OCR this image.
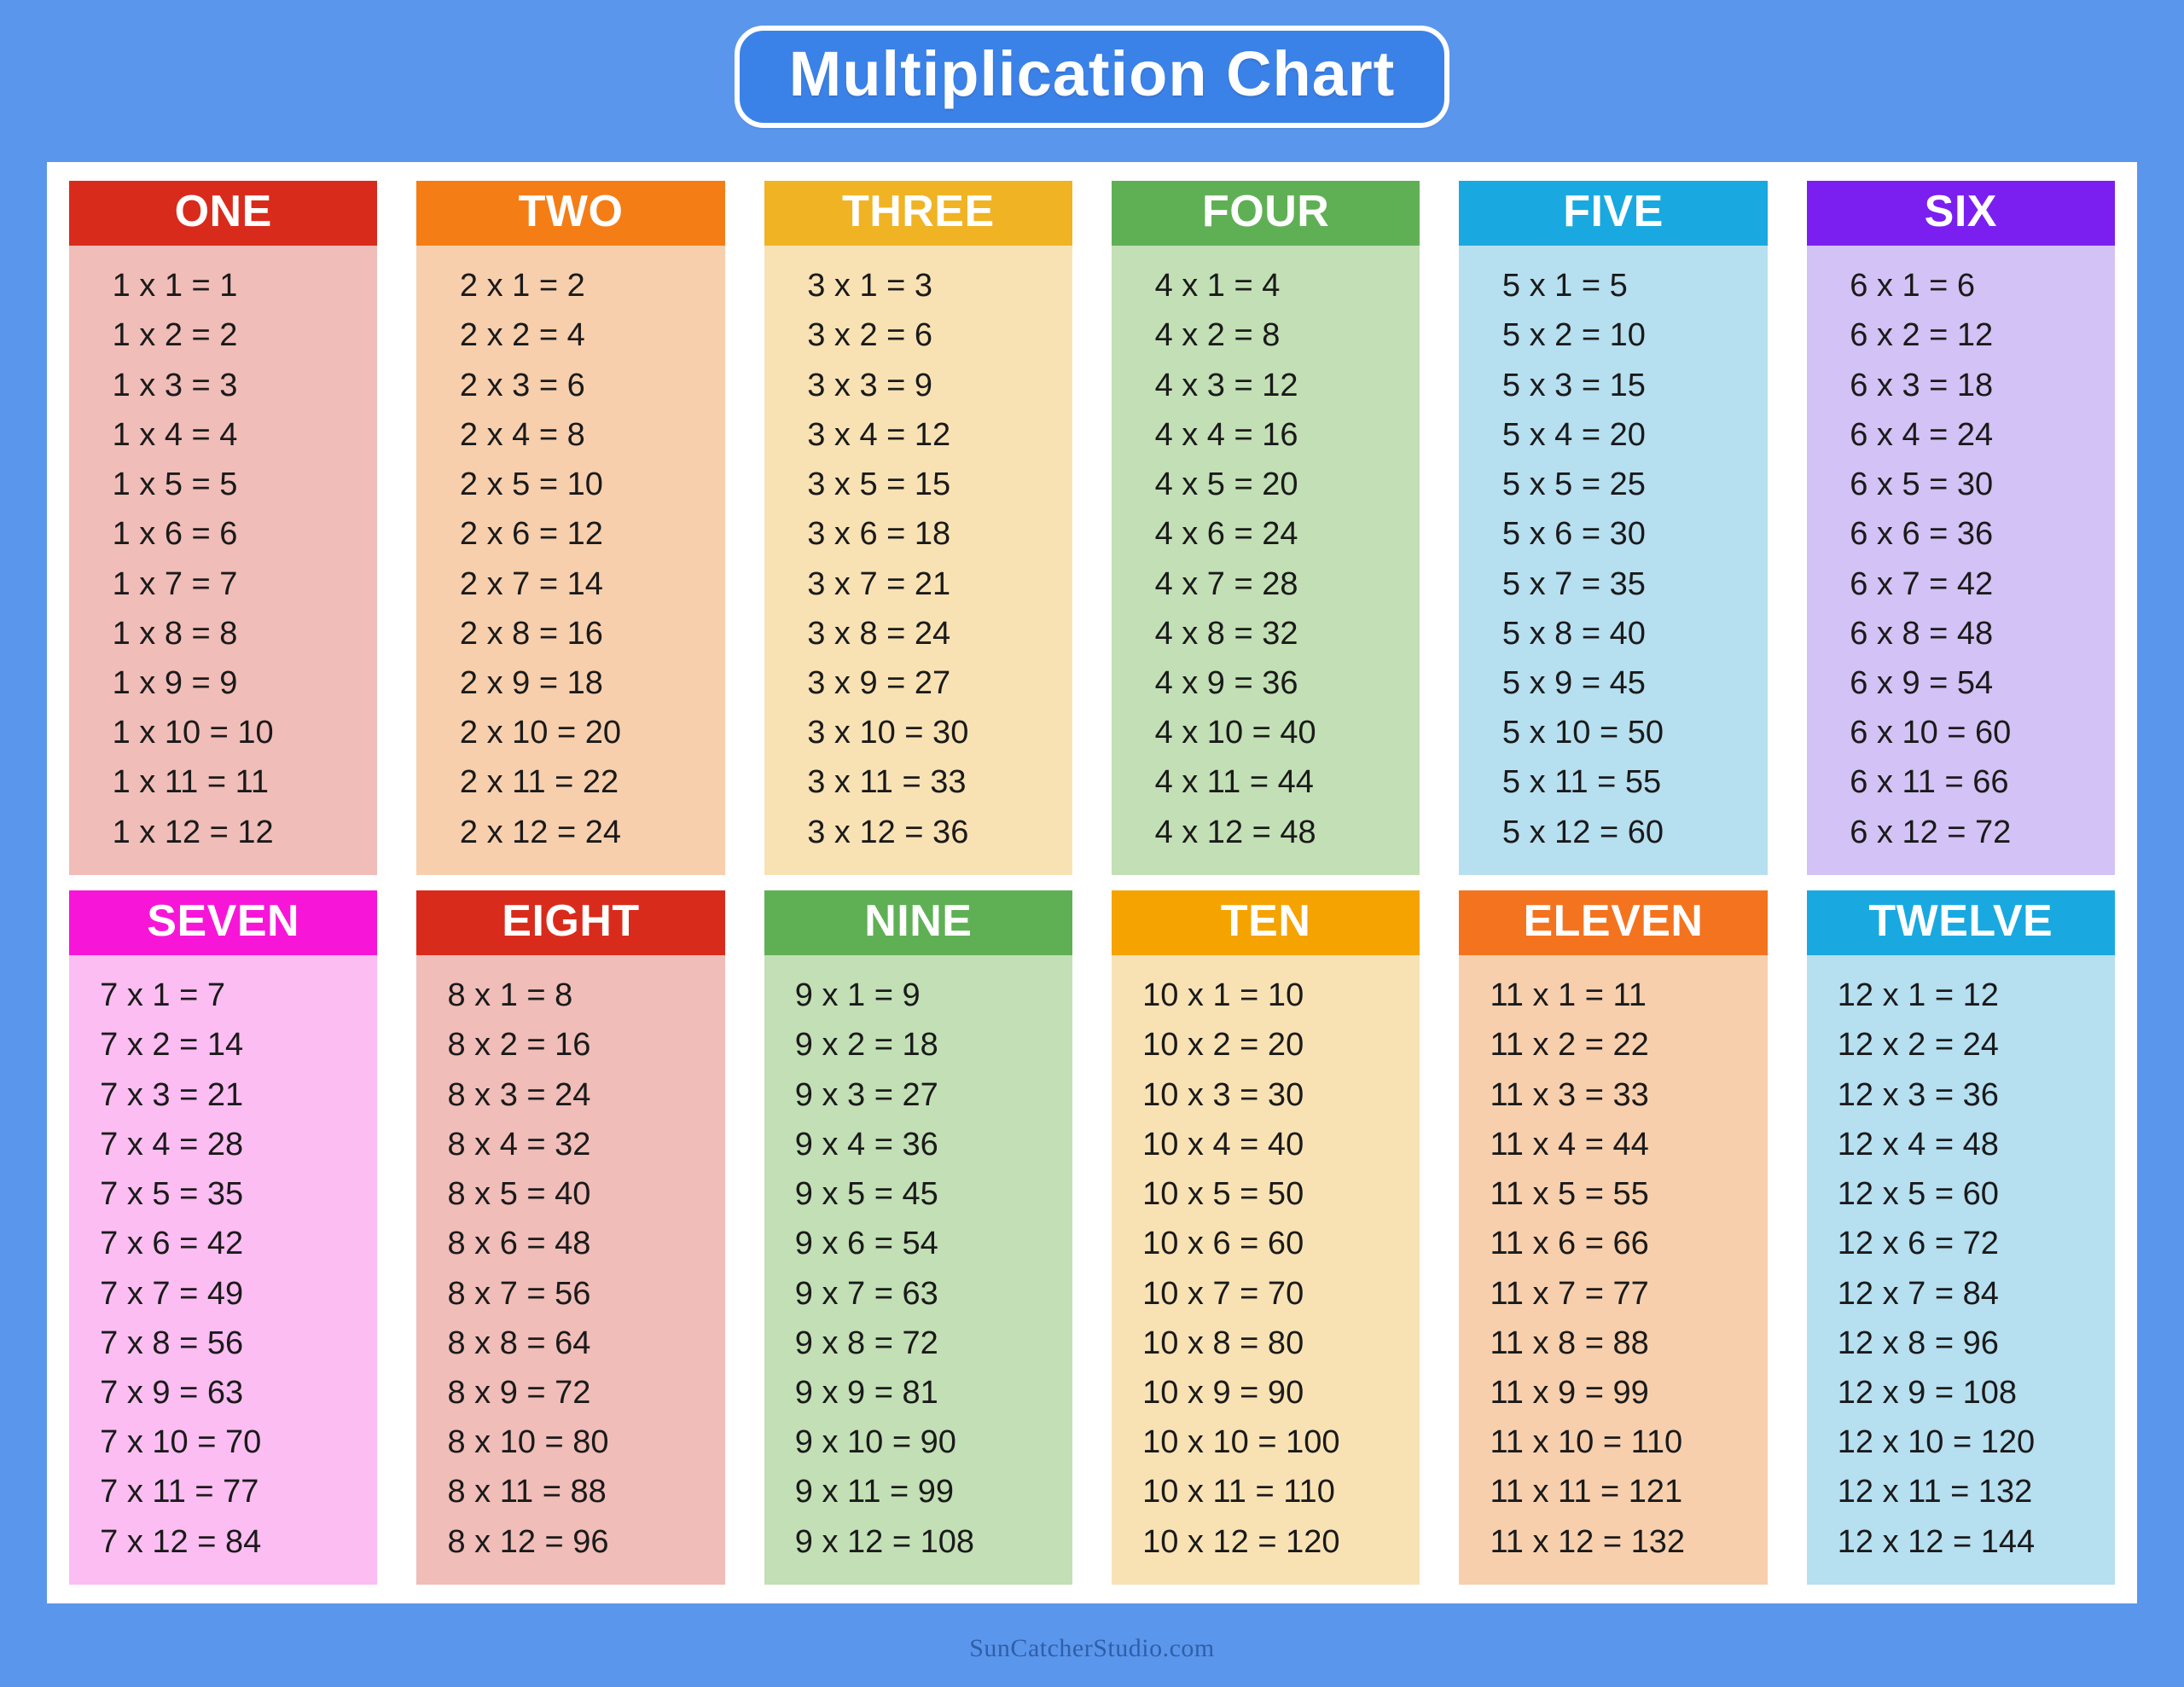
Multiplication Chart
ONE
1 x 1 = 1
1 x 2 = 2
1 x 3 = 3
1 x 4 = 4
1 x 5 = 5
1 x 6 = 6
1 x 7 = 7
1 x 8 = 8
1 x 9 = 9
1 x 10 = 10
1 x 11 = 11
1 x 12 = 12
TWO
2 x 1 = 2
2 x 2 = 4
2 x 3 = 6
2 x 4 = 8
2 x 5 = 10
2 x 6 = 12
2 x 7 = 14
2 x 8 = 16
2 x 9 = 18
2 x 10 = 20
2 x 11 = 22
2 x 12 = 24
THREE
3 x 1 = 3
3 x 2 = 6
3 x 3 = 9
3 x 4 = 12
3 x 5 = 15
3 x 6 = 18
3 x 7 = 21
3 x 8 = 24
3 x 9 = 27
3 x 10 = 30
3 x 11 = 33
3 x 12 = 36
FOUR
4 x 1 = 4
4 x 2 = 8
4 x 3 = 12
4 x 4 = 16
4 x 5 = 20
4 x 6 = 24
4 x 7 = 28
4 x 8 = 32
4 x 9 = 36
4 x 10 = 40
4 x 11 = 44
4 x 12 = 48
FIVE
5 x 1 = 5
5 x 2 = 10
5 x 3 = 15
5 x 4 = 20
5 x 5 = 25
5 x 6 = 30
5 x 7 = 35
5 x 8 = 40
5 x 9 = 45
5 x 10 = 50
5 x 11 = 55
5 x 12 = 60
SIX
6 x 1 = 6
6 x 2 = 12
6 x 3 = 18
6 x 4 = 24
6 x 5 = 30
6 x 6 = 36
6 x 7 = 42
6 x 8 = 48
6 x 9 = 54
6 x 10 = 60
6 x 11 = 66
6 x 12 = 72
SEVEN
7 x 1 = 7
7 x 2 = 14
7 x 3 = 21
7 x 4 = 28
7 x 5 = 35
7 x 6 = 42
7 x 7 = 49
7 x 8 = 56
7 x 9 = 63
7 x 10 = 70
7 x 11 = 77
7 x 12 = 84
EIGHT
8 x 1 = 8
8 x 2 = 16
8 x 3 = 24
8 x 4 = 32
8 x 5 = 40
8 x 6 = 48
8 x 7 = 56
8 x 8 = 64
8 x 9 = 72
8 x 10 = 80
8 x 11 = 88
8 x 12 = 96
NINE
9 x 1 = 9
9 x 2 = 18
9 x 3 = 27
9 x 4 = 36
9 x 5 = 45
9 x 6 = 54
9 x 7 = 63
9 x 8 = 72
9 x 9 = 81
9 x 10 = 90
9 x 11 = 99
9 x 12 = 108
TEN
10 x 1 = 10
10 x 2 = 20
10 x 3 = 30
10 x 4 = 40
10 x 5 = 50
10 x 6 = 60
10 x 7 = 70
10 x 8 = 80
10 x 9 = 90
10 x 10 = 100
10 x 11 = 110
10 x 12 = 120
ELEVEN
11 x 1 = 11
11 x 2 = 22
11 x 3 = 33
11 x 4 = 44
11 x 5 = 55
11 x 6 = 66
11 x 7 = 77
11 x 8 = 88
11 x 9 = 99
11 x 10 = 110
11 x 11 = 121
11 x 12 = 132
TWELVE
12 x 1 = 12
12 x 2 = 24
12 x 3 = 36
12 x 4 = 48
12 x 5 = 60
12 x 6 = 72
12 x 7 = 84
12 x 8 = 96
12 x 9 = 108
12 x 10 = 120
12 x 11 = 132
12 x 12 = 144
SunCatcherStudio.com
